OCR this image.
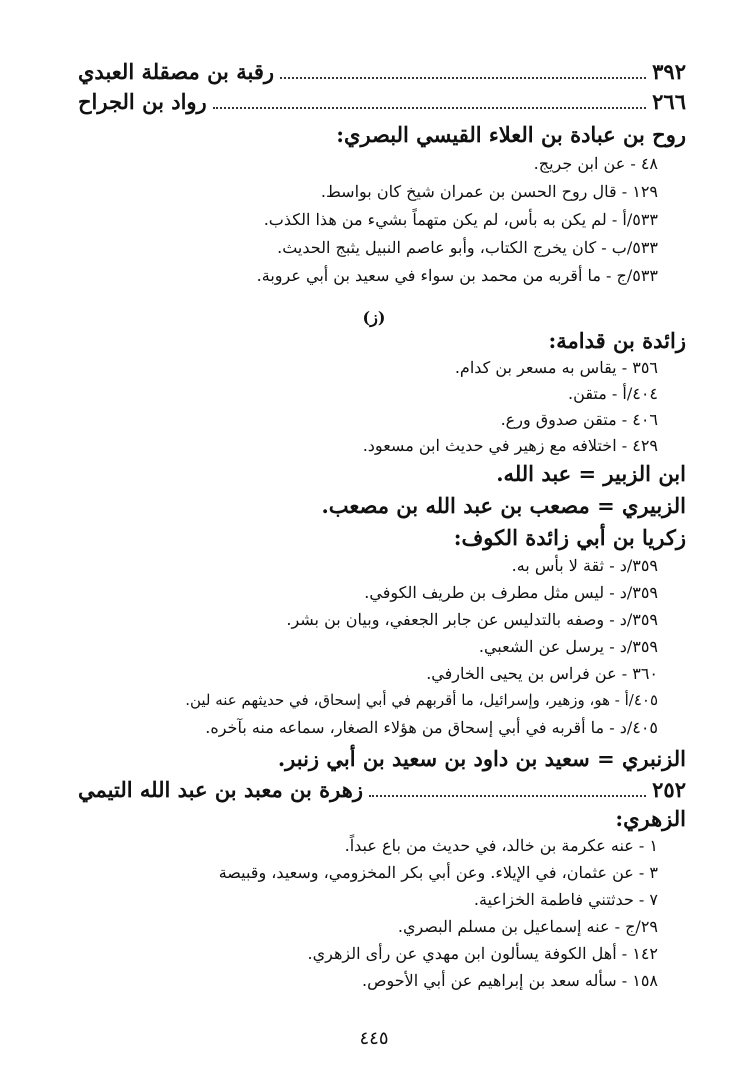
رقبة بن مصقلة العبدي	٣٩٢
رواد بن الجراح	٢٦٦
روح بن عبادة بن العلاء القيسي البصري:
٤٨ - عن ابن جريج.
١٢٩ - قال روح الحسن بن عمران شيخ كان بواسط.
٥٣٣/أ - لم يكن به بأس، لم يكن متهماً بشيء من هذا الكذب.
٥٣٣/ب - كان يخرج الكتاب، وأبو عاصم النبيل يثبج الحديث.
٥٣٣/ج - ما أقربه من محمد بن سواء في سعيد بن أبي عروبة.
(ز)
زائدة بن قدامة:
٣٥٦ - يقاس به مسعر بن كدام.
٤٠٤/أ - متقن.
٤٠٦ - متقن صدوق ورع.
٤٢٩ - اختلافه مع زهير في حديث ابن مسعود.
ابن الزبير = عبد الله.
الزبيري = مصعب بن عبد الله بن مصعب.
زكريا بن أبي زائدة الكوف:
٣٥٩/د - ثقة لا بأس به.
٣٥٩/د - ليس مثل مطرف بن طريف الكوفي.
٣٥٩/د - وصفه بالتدليس عن جابر الجعفي، وبيان بن بشر.
٣٥٩/د - يرسل عن الشعبي.
٣٦٠ - عن فراس بن يحيى الخارفي.
٤٠٥/أ - هو، وزهير، وإسرائيل، ما أقربهم في أبي إسحاق، في حديثهم عنه لين.
٤٠٥/د - ما أقربه في أبي إسحاق من هؤلاء الصغار، سماعه منه بآخره.
الزنبري = سعيد بن داود بن سعيد بن أبي زنبر.
زهرة بن معبد بن عبد الله التيمي	٢٥٢
الزهري:
١ - عنه عكرمة بن خالد، في حديث من باع عبداً.
٣ - عن عثمان، في الإيلاء. وعن أبي بكر المخزومي، وسعيد، وقبيصة
٧ - حدثتني فاطمة الخزاعية.
٢٩/ج - عنه إسماعيل بن مسلم البصري.
١٤٢ - أهل الكوفة يسألون ابن مهدي عن رأى الزهري.
١٥٨ - سأله سعد بن إبراهيم عن أبي الأحوص.
٤٤٥
